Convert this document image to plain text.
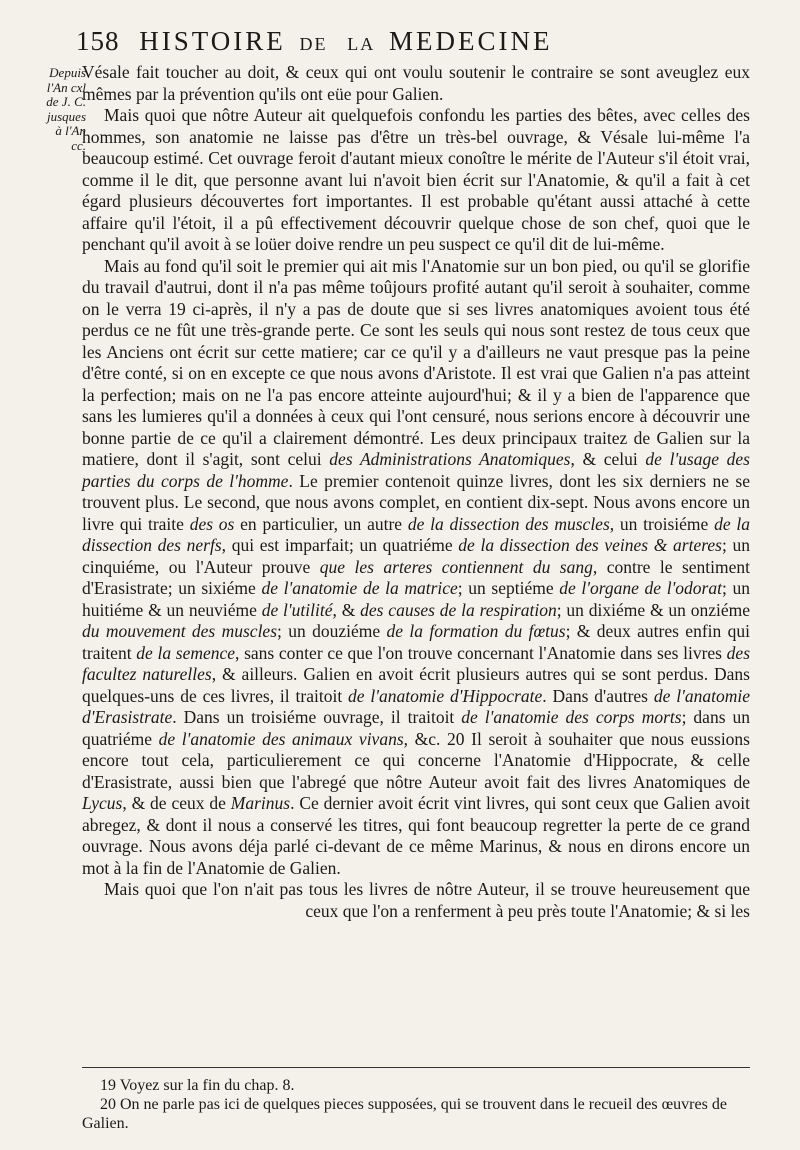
158 HISTOIRE DE LA MEDECINE
Depuis
l'An cxl
de J. C.
jusques
à l'An
cc.

Vésale fait toucher au doit, & ceux qui ont voulu soutenir le contraire se sont aveuglez eux mêmes par la prévention qu'ils ont eüe pour Galien.

Mais quoi que nôtre Auteur ait quelquefois confondu les parties des bêtes, avec celles des hommes, son anatomie ne laisse pas d'être un très-bel ouvrage, & Vésale lui-même l'a beaucoup estimé. Cet ouvrage feroit d'autant mieux conoître le mérite de l'Auteur s'il étoit vrai, comme il le dit, que personne avant lui n'avoit bien écrit sur l'Anatomie, & qu'il a fait à cet égard plusieurs découvertes fort importantes. Il est probable qu'étant aussi attaché à cette affaire qu'il l'étoit, il a pû effectivement découvrir quelque chose de son chef, quoi que le penchant qu'il avoit à se loüer doive rendre un peu suspect ce qu'il dit de lui-même.

Mais au fond qu'il soit le premier qui ait mis l'Anatomie sur un bon pied, ou qu'il se glorifie du travail d'autrui, dont il n'a pas même toûjours profité autant qu'il seroit à souhaiter, comme on le verra 19 ci-après, il n'y a pas de doute que si ses livres anatomiques avoient tous été perdus ce ne fût une très-grande perte. Ce sont les seuls qui nous sont restez de tous ceux que les Anciens ont écrit sur cette matiere; car ce qu'il y a d'ailleurs ne vaut presque pas la peine d'être conté, si on en excepte ce que nous avons d'Aristote. Il est vrai que Galien n'a pas atteint la perfection; mais on ne l'a pas encore atteinte aujourd'hui; & il y a bien de l'apparence que sans les lumieres qu'il a données à ceux qui l'ont censuré, nous serions encore à découvrir une bonne partie de ce qu'il a clairement démontré. Les deux principaux traitez de Galien sur la matiere, dont il s'agit, sont celui des Administrations Anatomiques, & celui de l'usage des parties du corps de l'homme. Le premier contenoit quinze livres, dont les six derniers ne se trouvent plus. Le second, que nous avons complet, en contient dix-sept. Nous avons encore un livre qui traite des os en particulier, un autre de la dissection des muscles, un troisiéme de la dissection des nerfs, qui est imparfait; un quatriéme de la dissection des veines & arteres; un cinquiéme, ou l'Auteur prouve que les arteres contiennent du sang, contre le sentiment d'Erasistrate; un sixiéme de l'anatomie de la matrice; un septiéme de l'organe de l'odorat; un huitiéme & un neuviéme de l'utilité, & des causes de la respiration; un dixiéme & un onziéme du mouvement des muscles; un douziéme de la formation du fœtus; & deux autres enfin qui traitent de la semence, sans conter ce que l'on trouve concernant l'Anatomie dans ses livres des facultez naturelles, & ailleurs. Galien en avoit écrit plusieurs autres qui se sont perdus. Dans quelques-uns de ces livres, il traitoit de l'anatomie d'Hippocrate. Dans d'autres de l'anatomie d'Erasistrate. Dans un troisiéme ouvrage, il traitoit de l'anatomie des corps morts; dans un quatriéme de l'anatomie des animaux vivans, &c. 20 Il seroit à souhaiter que nous eussions encore tout cela, particulierement ce qui concerne l'Anatomie d'Hippocrate, & celle d'Erasistrate, aussi bien que l'abregé que nôtre Auteur avoit fait des livres Anatomiques de Lycus, & de ceux de Marinus. Ce dernier avoit écrit vint livres, qui sont ceux que Galien avoit abregez, & dont il nous a conservé les titres, qui font beaucoup regretter la perte de ce grand ouvrage. Nous avons déja parlé ci-devant de ce même Marinus, & nous en dirons encore un mot à la fin de l'Anatomie de Galien.

Mais quoi que l'on n'ait pas tous les livres de nôtre Auteur, il se trouve heureusement que ceux que l'on a renferment à peu près toute l'Anatomie; & si les

19 Voyez sur la fin du chap. 8.
20 On ne parle pas ici de quelques pieces supposées, qui se trouvent dans le recueil des œuvres de Galien.
